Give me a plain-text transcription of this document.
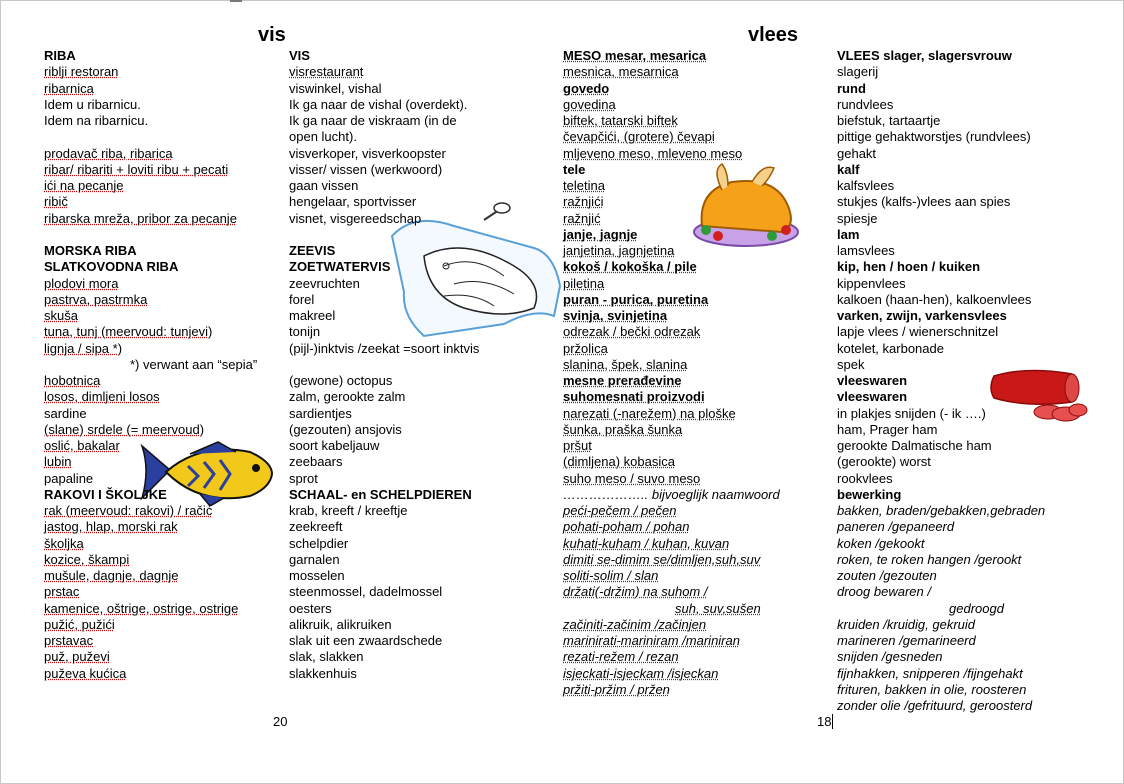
vis	vlees
RIBA
riblji restoran
ribarnica
Idem u ribarnicu.
Idem na ribarnicu.
prodavač riba, ribarica
ribar/ ribariti + loviti ribu + pecati
ići na pecanje
ribič
ribarska mreža, pribor za pecanje
MORSKA RIBA
SLATKOVODNA RIBA
plodovi mora
pastrva, pastrmka
skuša
tuna, tunj (meervoud: tunjevi)
lignja / sipa *)
*) verwant aan “sepia”
hobotnica
losos, dimljeni losos
sardine
(slane) srdele (= meervoud)
oslić, bakalar
lubin
papaline
RAKOVI I ŠKOLJKE
rak (meervoud: rakovi) / račić
jastog, hlap, morski rak
školjka
kozice, škampi
mušule, dagnje, dagnje
prstac
kamenice, oštrige, ostrige, ostrige
pužić, pužići
prstavac
puž, puževi
puževa kućica
VIS
visrestaurant
viswinkel, vishal
Ik ga naar de vishal (overdekt).
Ik ga naar de viskraam (in de
open lucht).
visverkoper, visverkoopster
visser/ vissen (werkwoord)
gaan vissen
hengelaar, sportvisser
visnet, visgereedschap
ZEEVIS
ZOETWATERVIS
zeevruchten
forel
makreel
tonijn
(pijl-)inktvis /zeekat =soort inktvis
(gewone) octopus
zalm, gerookte zalm
sardientjes
(gezouten) ansjovis
soort kabeljauw
zeebaars
sprot
SCHAAL- en SCHELPDIEREN
krab, kreeft / kreeftje
zeekreeft
schelpdier
garnalen
mosselen
steenmossel, dadelmossel
oesters
alikruik, alikruiken
slak uit een zwaardschede
slak, slakken
slakkenhuis
MESO mesar, mesarica
mesnica, mesarnica
govedo
govedina
biftek, tatarski biftek
čevapčići, (grotere) čevapi
mljeveno meso, mleveno meso
tele
teletina
ražnjići
ražnjić
janje, jagnje
janjetina, jagnjetina
kokoš / kokoška / pile
piletina
puran - purica, puretina
svinja, svinjetina
odrezak / bečki odrezak
pržolica
slanina, špek, slanina
mesne prerađevine
suhomesnati proizvodi
narezati (-narežem) na ploške
šunka, praška šunka
pršut
(dimljena) kobasica
suho meso / suvo meso
……………….. bijvoeglijk naamwoord
peći-pečem / pečen
pohati-poham / pohan
kuhati-kuham / kuhan, kuvan
dimiti se-dimim se/dimljen,suh,suv
soliti-solim / slan
držati(-držim) na suhom /
suh, suv,sušen
začiniti-začinim /začinjen
marinirati-mariniram /mariniran
rezati-režem / rezan
isjeckati-isjeckam /isjeckan
pržiti-pržim / pržen
VLEES slager, slagersvrouw
slagerij
rund
rundvlees
biefstuk, tartaartje
pittige gehaktworstjes (rundvlees)
gehakt
kalf
kalfsvlees
stukjes (kalfs-)vlees aan spies
spiesje
lam
lamsvlees
kip, hen / hoen / kuiken
kippenvlees
kalkoen (haan-hen), kalkoenvlees
varken, zwijn, varkensvlees
lapje vlees / wienerschnitzel
kotelet, karbonade
spek
vleeswaren
vleeswaren
in plakjes snijden (- ik ….)
ham, Prager ham
gerookte Dalmatische ham
(gerookte) worst
rookvlees
bewerking
bakken, braden/gebakken,gebraden
paneren /gepaneerd
koken /gekookt
roken, te roken hangen /gerookt
zouten /gezouten
droog bewaren /
gedroogd
kruiden /kruidig, gekruid
marineren /gemarineerd
snijden /gesneden
fijnhakken, snipperen /fijngehakt
frituren, bakken in olie, roosteren
zonder olie /gefrituurd, geroosterd
20	18
